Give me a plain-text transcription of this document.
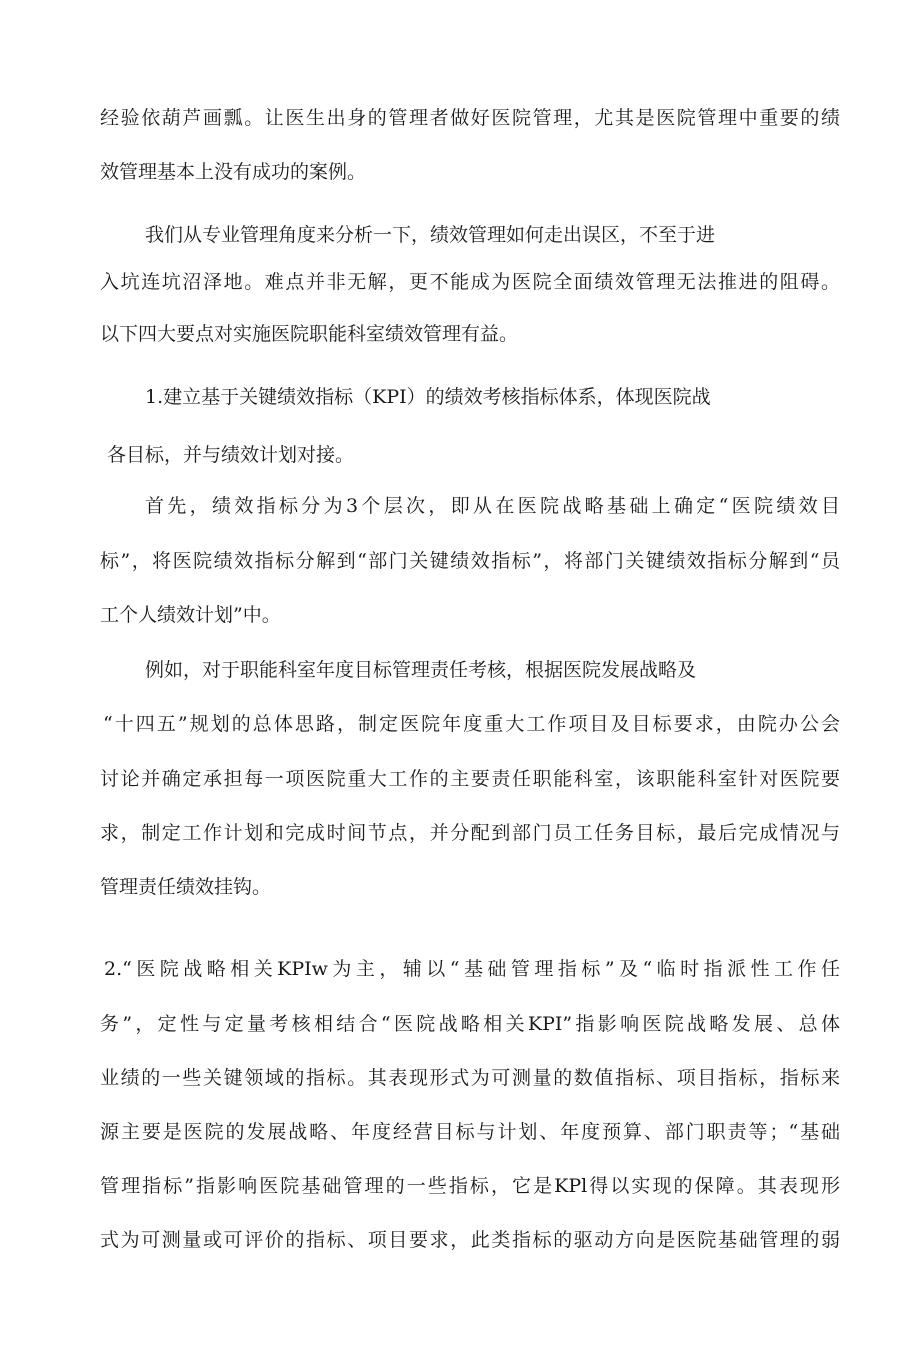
经验依葫芦画瓢。让医生出身的管理者做好医院管理，尤其是医院管理中重要的绩
效管理基本上没有成功的案例。
我们从专业管理角度来分析一下，绩效管理如何走出误区，不至于进
入坑连坑沼泽地。难点并非无解，更不能成为医院全面绩效管理无法推进的阻碍。
以下四大要点对实施医院职能科室绩效管理有益。
1.建立基于关键绩效指标（KPI）的绩效考核指标体系，体现医院战
各目标，并与绩效计划对接。
首先，绩效指标分为3个层次，即从在医院战略基础上确定“医院绩效目
标”，将医院绩效指标分解到“部门关键绩效指标”，将部门关键绩效指标分解到“员
工个人绩效计划”中。
例如，对于职能科室年度目标管理责任考核，根据医院发展战略及
“十四五”规划的总体思路，制定医院年度重大工作项目及目标要求，由院办公会
讨论并确定承担每一项医院重大工作的主要责任职能科室，该职能科室针对医院要
求，制定工作计划和完成时间节点，并分配到部门员工任务目标，最后完成情况与
管理责任绩效挂钩。
2.“医院战略相关KPIw为主，辅以“基础管理指标”及“临时指派性工作任
务”，定性与定量考核相结合“医院战略相关KPI”指影响医院战略发展、总体
业绩的一些关键领域的指标。其表现形式为可测量的数值指标、项目指标，指标来
源主要是医院的发展战略、年度经营目标与计划、年度预算、部门职责等；“基础
管理指标”指影响医院基础管理的一些指标，它是KPl得以实现的保障。其表现形
式为可测量或可评价的指标、项目要求，此类指标的驱动方向是医院基础管理的弱
